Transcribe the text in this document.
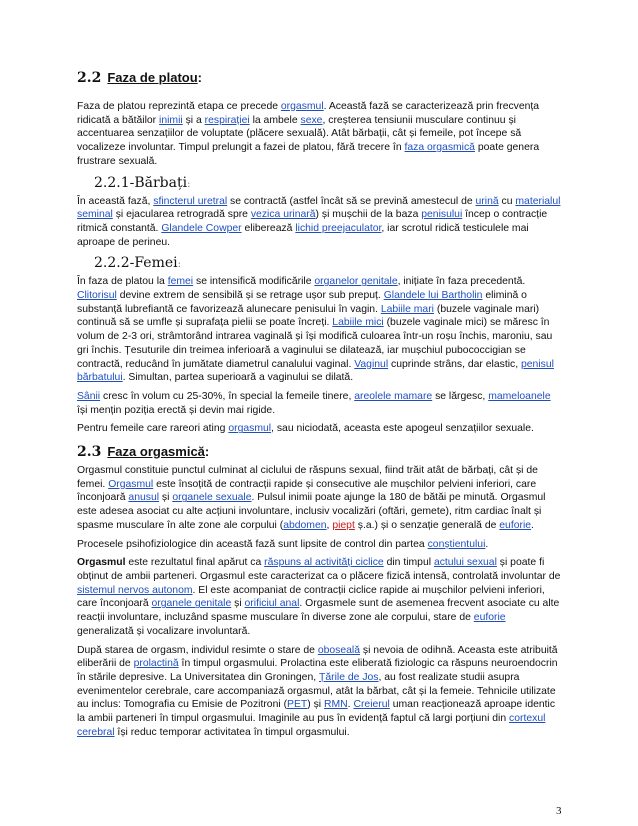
2.2 Faza de platou:

Faza de platou reprezintă etapa ce precede orgasmul. Această fază se caracterizează prin frecvența ridicată a bătăilor inimii și a respirației la ambele sexe, creșterea tensiunii musculare continuu și accentuarea senzațiilor de voluptate (plăcere sexuală). Atât bărbații, cât și femeile, pot începe să vocalizeze involuntar. Timpul prelungit a fazei de platou, fără trecere în faza orgasmică poate genera frustrare sexuală.

2.2.1-Bărbați:

În această fază, sfincterul uretral se contractă (astfel încât să se prevină amestecul de urină cu materialul seminal și ejacularea retrogradă spre vezica urinară) și mușchii de la baza penisului încep o contracție ritmică constantă. Glandele Cowper eliberează lichid preejaculator, iar scrotul ridică testiculele mai aproape de perineu.

2.2.2-Femei:

În faza de platou la femei se intensifică modificările organelor genitale, inițiate în faza precedentă. Clitorisul devine extrem de sensibilă și se retrage ușor sub prepuț. Glandele lui Bartholin elimină o substanță lubrefiantă ce favorizează alunecare penisului în vagin. Labiile mari (buzele vaginale mari) continuă să se umfle și suprafața pielii se poate încreți. Labiile mici (buzele vaginale mici) se măresc în volum de 2-3 ori, strâmtorând intrarea vaginală și își modifică culoarea într-un roșu închis, maroniu, sau gri închis. Țesuturile din treimea inferioară a vaginului se dilatează, iar mușchiul pubococcigian se contractă, reducând în jumătate diametrul canalului vaginal. Vaginul cuprinde strâns, dar elastic, penisul bărbatului. Simultan, partea superioară a vaginului se dilată.

Sânii cresc în volum cu 25-30%, în special la femeile tinere, areolele mamare se lărgesc, mameloanele își mențin poziția erectă și devin mai rigide.

Pentru femeile care rareori ating orgasmul, sau niciodată, aceasta este apogeul senzațiilor sexuale.

2.3 Faza orgasmică:

Orgasmul constituie punctul culminat al ciclului de răspuns sexual, fiind trăit atât de bărbați, cât și de femei. Orgasmul este însoțită de contracții rapide și consecutive ale mușchilor pelvieni inferiori, care înconjoară anusul și organele sexuale. Pulsul inimii poate ajunge la 180 de bătăi pe minută. Orgasmul este adesea asociat cu alte acțiuni involuntare, inclusiv vocalizări (oftări, gemete), ritm cardiac înalt și spasme musculare în alte zone ale corpului (abdomen, piept ș.a.) și o senzație generală de euforie.

Procesele psihofiziologice din această fază sunt lipsite de control din partea conștientului.

Orgasmul este rezultatul final apărut ca răspuns al activități ciclice din timpul actului sexual și poate fi obținut de ambii parteneri. Orgasmul este caracterizat ca o plăcere fizică intensă, controlată involuntar de sistemul nervos autonom. El este acompaniat de contracții ciclice rapide ai mușchilor pelvieni inferiori, care înconjoară organele genitale și orificiul anal. Orgasmele sunt de asemenea frecvent asociate cu alte reacții involuntare, incluzând spasme musculare în diverse zone ale corpului, stare de euforie generalizată și vocalizare involuntară.

După starea de orgasm, individul resimte o stare de oboseală și nevoia de odihnă. Aceasta este atribuită eliberării de prolactină în timpul orgasmului. Prolactina este eliberată fiziologic ca răspuns neuroendocrin în stările depresive. La Universitatea din Groningen, Țările de Jos, au fost realizate studii asupra evenimentelor cerebrale, care accompaniază orgasmul, atât la bărbat, cât și la femeie. Tehnicile utilizate au inclus: Tomografia cu Emisie de Pozitroni (PET) și RMN. Creierul uman reacționează aproape identic la ambii parteneri în timpul orgasmului. Imaginile au pus în evidență faptul că largi porțiuni din cortexul cerebral își reduc temporar activitatea în timpul orgasmului.

3
